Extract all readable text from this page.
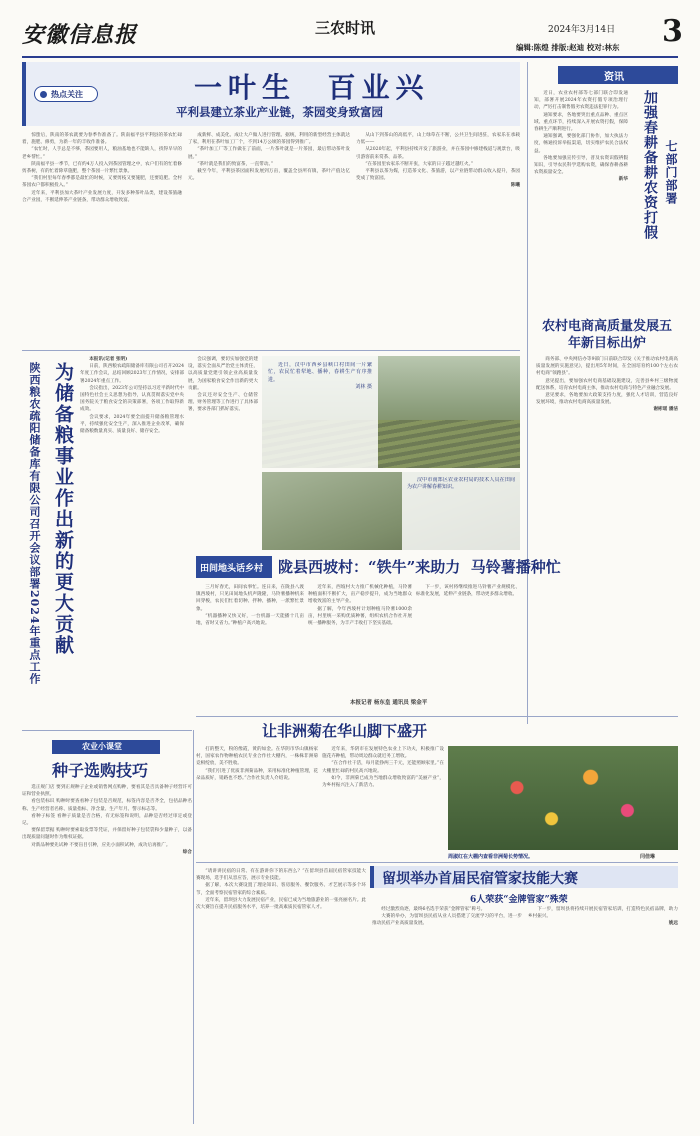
安徽信息报	三农时讯	2024年3月14日 3
编辑:陈煌 排版:赵迪 校对:林东
热点关注	一叶生  百业兴
平利县建立茶业产业链，茶园变身致富园

惊蛰后，陕南的茶农就要为春季作准备了。陕南福平县平利县的茶农忙碌着，施肥、修剪，为新一年的丰收作准备。

“农忙时，人手总是不够，茶园要用人，粮油基地也不能缺人，找得早早的老乡帮忙。”

陕南福平县一季节，已有约4万人投入到茶园管理之中，农户们有的忙着修剪茶树，有的忙着除草施肥，整个茶园一片繁忙景象。

“我们村里每年春季都是最忙的时候，又要剪枝又要施肥，还要追肥。全村茶园农户都积极投入。”

近年来，平利县加大茶叶产业发展力度，开发多种茶叶品类，建设茶旅融合产业园，不断延伸茶产业链条，带动群众增收致富。

成新鲜、成美化、成让大户做人进行管理。据统，利用的新型经营主体就达了家，利用在茶叶加工厂个，不到14万公顷的茶园得到推广。

“茶叶加工厂等工作做在了前面，一片茶叶就是一片茶园，最后带动茶叶发展。”

“茶叶就是我们的致富茶，一直带动。”

截至今年，平利县茶园面积发展到万亩，覆盖全县所有镇，茶叶产值达亿元。

从山下到茶山的高低平，山上绿草在不断，公共卫生间进驻，农家乐在承载力低——

从2020年起，平利县持续开发了旅游业，并在茶园中修建栈道与观景台，吸引游客前来赏茶、品茶。

“在茶园里农家乐不断开张，大家的日子越过越红火。”

平利县以茶为媒，打造茶文化、茶旅游，以产业链带动群众收入提升，茶园变成了致富园。

陈曦

资讯

近日，农业农村部等七部门联合印发通知，部署开展2024年农资打假专项治理行动，严厉打击制售假劣农资违法犯罪行为。

通知要求，各地要突出重点品种、重点区域、重点环节，持续深入开展农资打假，保障春耕生产顺利进行。

通知强调，要强化部门协作，加大执法力度，畅通投诉举报渠道，切实维护农民合法权益。

各地要加强宣传引导，普及农资识假辨假知识，引导农民科学选购农资，确保春耕备耕农资质量安全。

新华 加强春耕备耕农资打假 七部门部署
农村电商高质量发展五年新目标出炉

商务部、中央网信办等9部门日前联合印发《关于推动农村电商高质量发展的实施意见》，提出用5年时间，在全国培育约100个左右农村电商“领跑县”。

意见提出，要加强农村电商基础设施建设，完善县乡村三级物流配送体系，培育农村电商主体，推动农村电商与特色产业融合发展。

意见要求，各地要加大政策支持力度，强化人才培训，营造良好发展环境，推动农村电商高质量发展。

谢彬瑶 潘洁

陕西粮农疏阳储备库有限公司召开会议部署2024年重点工作 为储备粮事业作出新的更大贡献

本报讯(记者 张明)

日前，陕西粮农疏阳储备库有限公司召开2024年度工作会议，总结回顾2023年工作情况，安排部署2024年重点工作。

会议指出，2023年公司坚持以习近平新时代中国特色社会主义思想为指导，认真贯彻落实党中央国务院关于粮食安全的决策部署，各项工作取得新成效。

会议要求，2024年要全面提升储备粮管理水平，持续强化安全生产，深入推进企业改革，确保储备粮数量真实、质量良好、储存安全。

会议强调，要切实加强党的建设，落实全面从严治党主体责任，以高质量党建引领企业高质量发展，为国家粮食安全作出新的更大贡献。

会议还对安全生产、仓储管理、财务管理等工作进行了具体部署，要求各部门抓好落实。

近日，汉中市西乡县峡口村田间一片繁忙，农民忙着犁地、播种，春耕生产有序推进。

刘林 摄

汉中市南郑区农业农村局的技术人员在田间为农户讲解春耕知识。

田间地头话乡村 陇县西坡村：“铁牛”来助力  马铃薯播种忙

三月好春光，田间农事忙。连日来，在陇县八渡镇西坡村，只见田间地头机声隆隆，马铃薯播种机来回穿梭，农民们忙着切种、拌种、播种，一派繁忙景象。

“机器播种又快又好，一台机器一天能播十几亩地，省时又省力。”种植户高兴地说。

近年来，西坡村大力推广机械化种植，马铃薯种植面积不断扩大，亩产稳步提升，成为当地群众增收致富的主导产业。

据了解，今年西坡村计划种植马铃薯1000余亩，村里统一采购优质种薯，组织农机合作社开展统一播种服务，为丰产丰收打下坚实基础。

下一步，该村将继续推进马铃薯产业规模化、标准化发展，延伸产业链条，带动更多群众增收。

本报记者 杨东皇 通讯员 梁金平
让非洲菊在华山脚下盛开

打的整天，粉的像霞，黄的如金。在华阴市华山镇杨家村，国家农作物种植农民专业合作社大棚内，一株株非洲菊竞相绽放，美不胜收。

“我们引进了优质非洲菊品种，采用标准化种植管理，花朵品质好，销路也不愁。”合作社负责人介绍说。

近年来，华阴市在发展特色农业上下功夫，积极推广设施花卉种植，带动周边群众就近务工增收。

“在合作社干活，每月能挣两三千元，还能照顾家里。”在大棚里忙碌的村民高兴地说。

如今，非洲菊已成为当地群众增收致富的“美丽产业”，为乡村振兴注入了新活力。

周淑红在大棚内查看非洲菊长势情况。	闫佳琳
农业小课堂
种子选购技巧

选正规门店 要到正规种子企业或销售网点购种，要看其是否具备种子经营许可证和营业执照。

看包装标识 购种时要查看种子包装是否规范，标签内容是否齐全，包括品种名称、生产经营者名称、质量指标、净含量、生产年月、警示标志等。

看种子标签 看种子质量是否合格，有无标签和说明，品种是否经过审定或登记。

要保留票据 购种时要索取发票等凭证，并保留好种子包装袋和少量种子，以备出现质量问题时作为维权证据。

对新品种要先试种 不要盲目引种，应先小面积试种，成功后再推广。

综合

留坝举办首届民宿管家技能大赛
6人荣获“金牌管家”殊荣

“请讲讲民宿的日常、有在游讲你下的东西么？”在留坝县首届民宿管家技能大赛现场，选手们从容应答，展示专业技能。

据了解，本次大赛设置了理论知识、客房服务、餐饮服务、才艺展示等多个环节，全面考察民宿管家的综合素质。

近年来，留坝县大力发展民宿产业，民宿已成为当地旅游业的一张亮丽名片。此次大赛旨在提升民宿服务水平，培养一批高素质民宿管家人才。	经过激烈角逐，最终6名选手荣获“金牌管家”称号。

大赛的举办，为留坝县民宿从业人员搭建了交流学习的平台，进一步推动民宿产业高质量发展。

下一步，留坝县将持续开展民宿管家培训，打造特色民宿品牌，助力乡村振兴。

姚远
